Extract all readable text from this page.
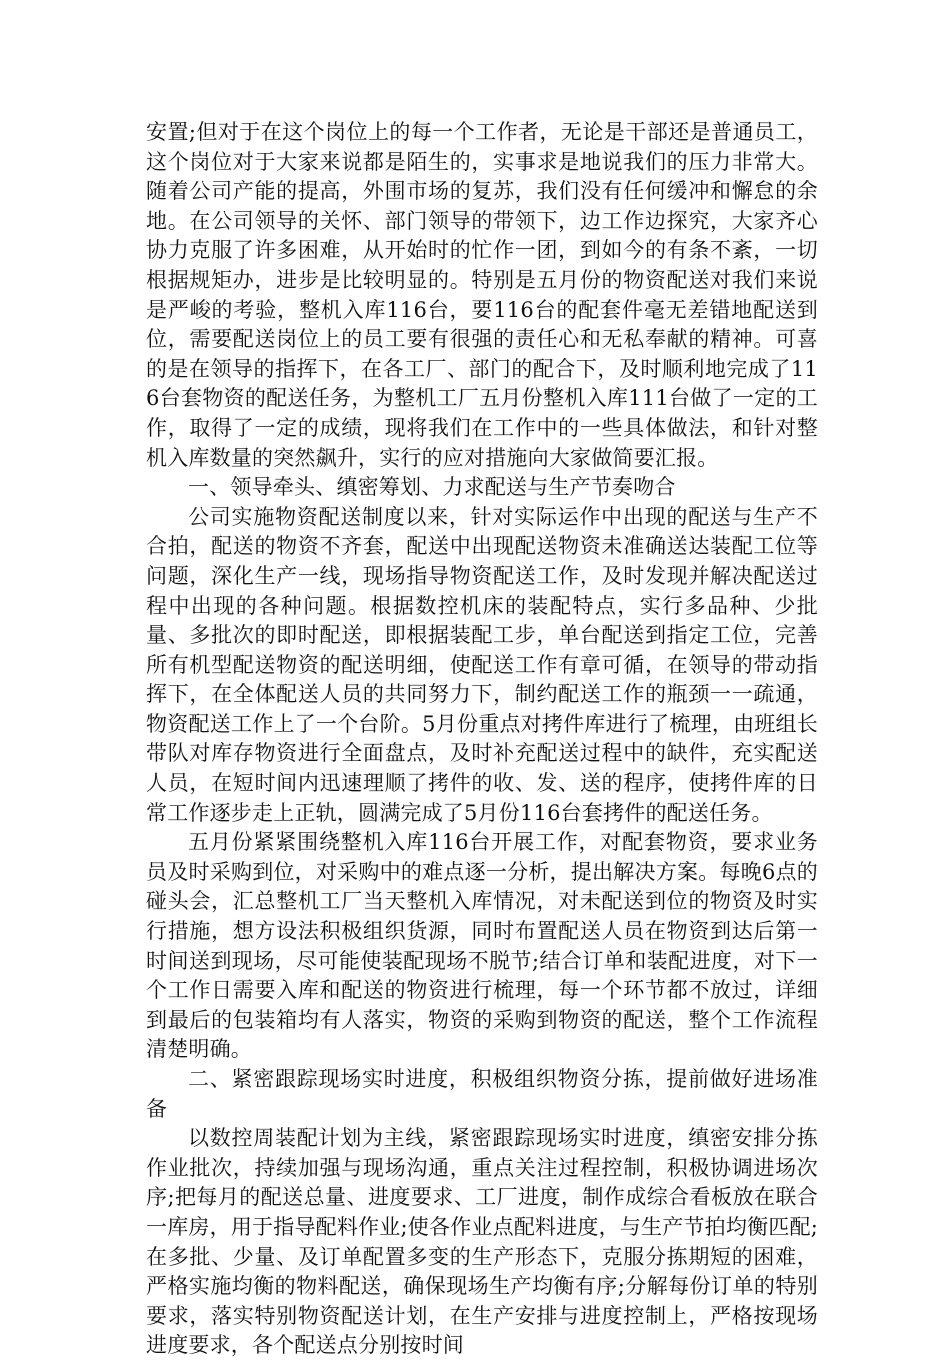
安置;但对于在这个岗位上的每一个工作者，无论是干部还是普通员工，这个岗位对于大家来说都是陌生的，实事求是地说我们的压力非常大。随着公司产能的提高，外围市场的复苏，我们没有任何缓冲和懈怠的余地。在公司领导的关怀、部门领导的带领下，边工作边探究，大家齐心协力克服了许多困难，从开始时的忙作一团，到如今的有条不紊，一切根据规矩办，进步是比较明显的。特别是五月份的物资配送对我们来说是严峻的考验，整机入库116台，要116台的配套件毫无差错地配送到位，需要配送岗位上的员工要有很强的责任心和无私奉献的精神。可喜的是在领导的指挥下，在各工厂、部门的配合下，及时顺利地完成了116台套物资的配送任务，为整机工厂五月份整机入库111台做了一定的工作，取得了一定的成绩，现将我们在工作中的一些具体做法，和针对整机入库数量的突然飙升，实行的应对措施向大家做简要汇报。

一、领导牵头、缜密筹划、力求配送与生产节奏吻合

公司实施物资配送制度以来，针对实际运作中出现的配送与生产不合拍，配送的物资不齐套，配送中出现配送物资未准确送达装配工位等问题，深化生产一线，现场指导物资配送工作，及时发现并解决配送过程中出现的各种问题。根据数控机床的装配特点，实行多品种、少批量、多批次的即时配送，即根据装配工步，单台配送到指定工位，完善所有机型配送物资的配送明细，使配送工作有章可循，在领导的带动指挥下，在全体配送人员的共同努力下，制约配送工作的瓶颈一一疏通，物资配送工作上了一个台阶。5月份重点对拷件库进行了梳理，由班组长带队对库存物资进行全面盘点，及时补充配送过程中的缺件，充实配送人员，在短时间内迅速理顺了拷件的收、发、送的程序，使拷件库的日常工作逐步走上正轨，圆满完成了5月份116台套拷件的配送任务。

五月份紧紧围绕整机入库116台开展工作，对配套物资，要求业务员及时采购到位，对采购中的难点逐一分析，提出解决方案。每晚6点的碰头会，汇总整机工厂当天整机入库情况，对未配送到位的物资及时实行措施，想方设法积极组织货源，同时布置配送人员在物资到达后第一时间送到现场，尽可能使装配现场不脱节;结合订单和装配进度，对下一个工作日需要入库和配送的物资进行梳理，每一个环节都不放过，详细到最后的包装箱均有人落实，物资的采购到物资的配送，整个工作流程清楚明确。

二、紧密跟踪现场实时进度，积极组织物资分拣，提前做好进场准备

以数控周装配计划为主线，紧密跟踪现场实时进度，缜密安排分拣作业批次，持续加强与现场沟通，重点关注过程控制，积极协调进场次序;把每月的配送总量、进度要求、工厂进度，制作成综合看板放在联合一库房，用于指导配料作业;使各作业点配料进度，与生产节拍均衡匹配;在多批、少量、及订单配置多变的生产形态下，克服分拣期短的困难，严格实施均衡的物料配送，确保现场生产均衡有序;分解每份订单的特别要求，落实特别物资配送计划，在生产安排与进度控制上，严格按现场进度要求，各个配送点分别按时间
